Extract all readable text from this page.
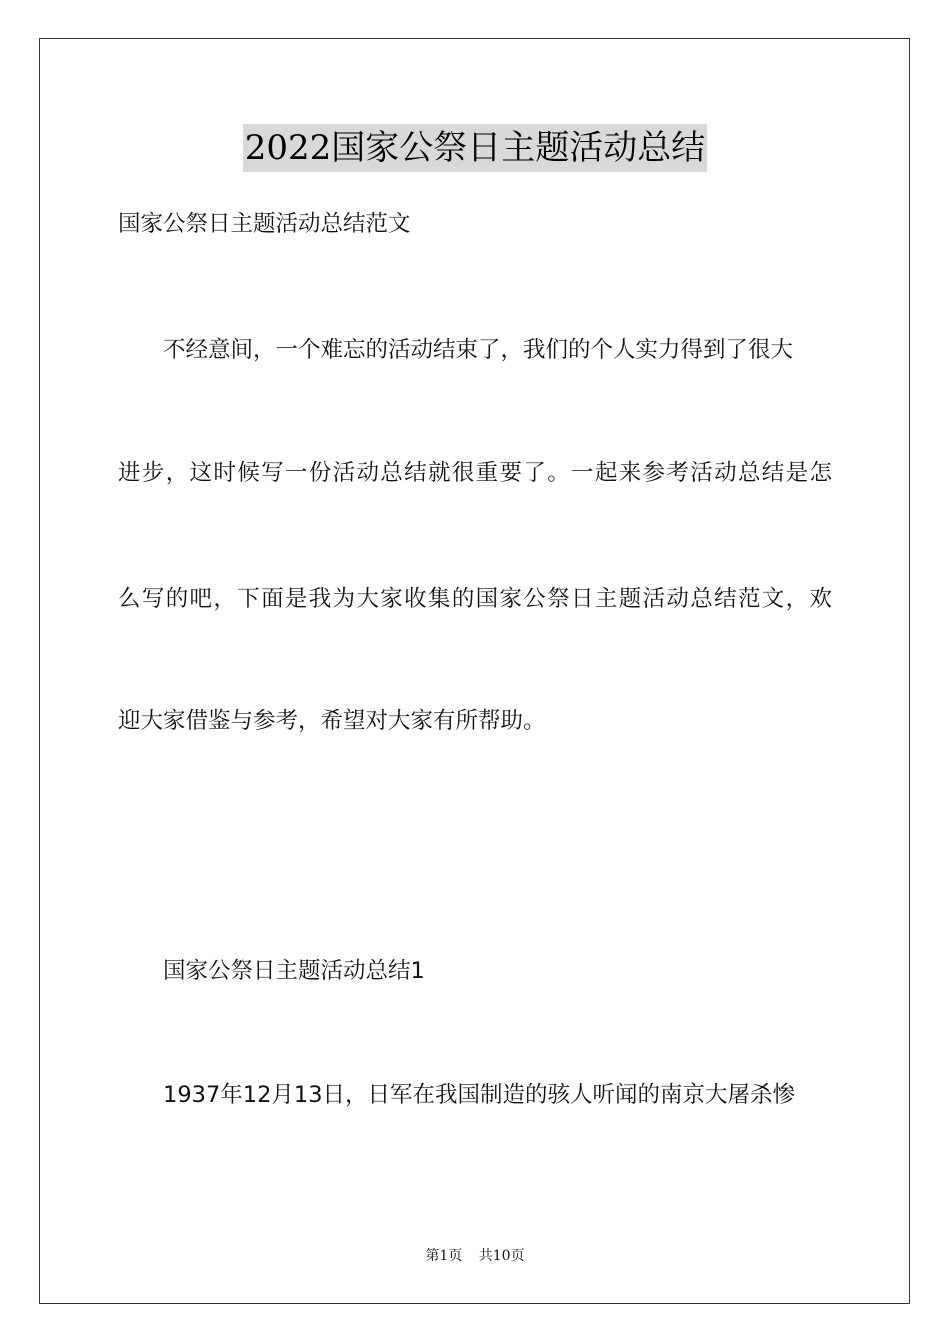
2022国家公祭日主题活动总结
国家公祭日主题活动总结范文
不经意间，一个难忘的活动结束了，我们的个人实力得到了很大
进步，这时候写一份活动总结就很重要了。一起来参考活动总结是怎
么写的吧，下面是我为大家收集的国家公祭日主题活动总结范文，欢
迎大家借鉴与参考，希望对大家有所帮助。
国家公祭日主题活动总结1
1937年12月13日，日军在我国制造的骇人听闻的南京大屠杀惨
第1页 共10页
